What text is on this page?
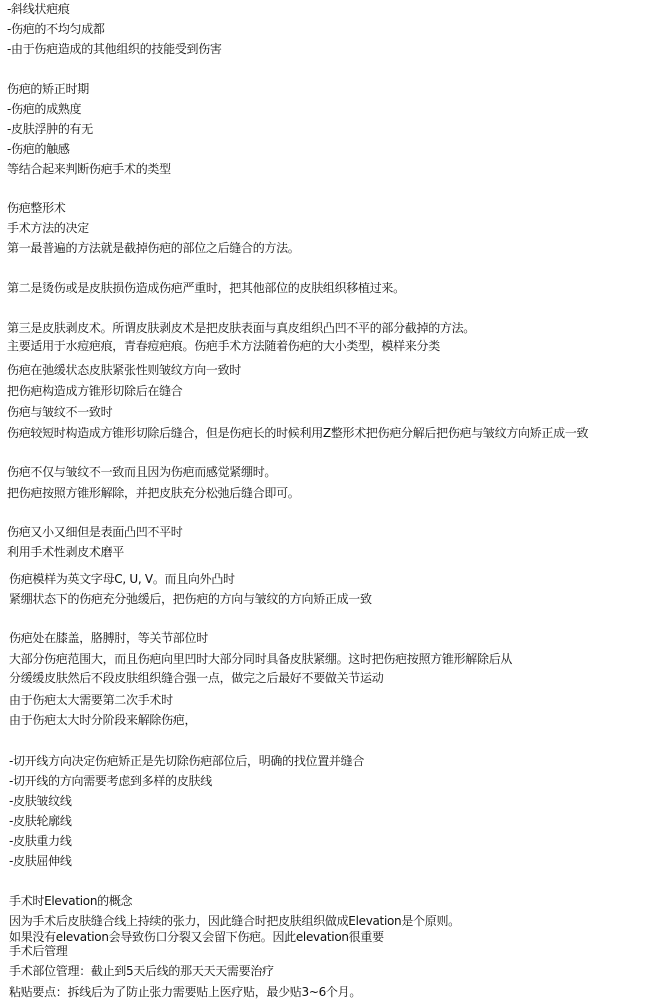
-斜线状疤痕
-伤疤的不均匀成都
-由于伤疤造成的其他组织的技能受到伤害
伤疤的矫正时期
-伤疤的成熟度
-皮肤浮肿的有无
-伤疤的触感
等结合起来判断伤疤手术的类型
伤疤整形术
手术方法的决定
第一最普遍的方法就是截掉伤疤的部位之后缝合的方法。
第二是烫伤或是皮肤损伤造成伤疤严重时，把其他部位的皮肤组织移植过来。
第三是皮肤剥皮术。所谓皮肤剥皮术是把皮肤表面与真皮组织凸凹不平的部分截掉的方法。
主要适用于水痘疤痕，青春痘疤痕。伤疤手术方法随着伤疤的大小类型，模样来分类
伤疤在弛缓状态皮肤紧张性则皱纹方向一致时
把伤疤构造成方锥形切除后在缝合
伤疤与皱纹不一致时
伤疤较短时构造成方锥形切除后缝合，但是伤疤长的时候利用Z整形术把伤疤分解后把伤疤与皱纹方向矫正成一致
伤疤不仅与皱纹不一致而且因为伤疤而感觉紧绷时。
把伤疤按照方锥形解除，并把皮肤充分松弛后缝合即可。
伤疤又小又细但是表面凸凹不平时
利用手术性剥皮术磨平
伤疤模样为英文字母C, U, V。而且向外凸时
紧绷状态下的伤疤充分弛缓后，把伤疤的方向与皱纹的方向矫正成一致
伤疤处在膝盖，胳膊肘，等关节部位时
大部分伤疤范围大，而且伤疤向里凹时大部分同时具备皮肤紧绷。这时把伤疤按照方锥形解除后从
分缓缓皮肤然后不段皮肤组织缝合强一点，做完之后最好不要做关节运动
由于伤疤太大需要第二次手术时
由于伤疤太大时分阶段来解除伤疤，
-切开线方向决定伤疤矫正是先切除伤疤部位后，明确的找位置并缝合
-切开线的方向需要考虑到多样的皮肤线
-皮肤皱纹线
-皮肤轮廓线
-皮肤重力线
-皮肤屈伸线
手术时Elevation的概念
因为手术后皮肤缝合线上持续的张力，因此缝合时把皮肤组织做成Elevation是个原则。
如果没有elevation会导致伤口分裂又会留下伤疤。因此elevation很重要
手术后管理
手术部位管理：截止到5天后线的那天天天需要治疗
粘贴要点：拆线后为了防止张力需要贴上医疗贴，最少贴3~6个月。
